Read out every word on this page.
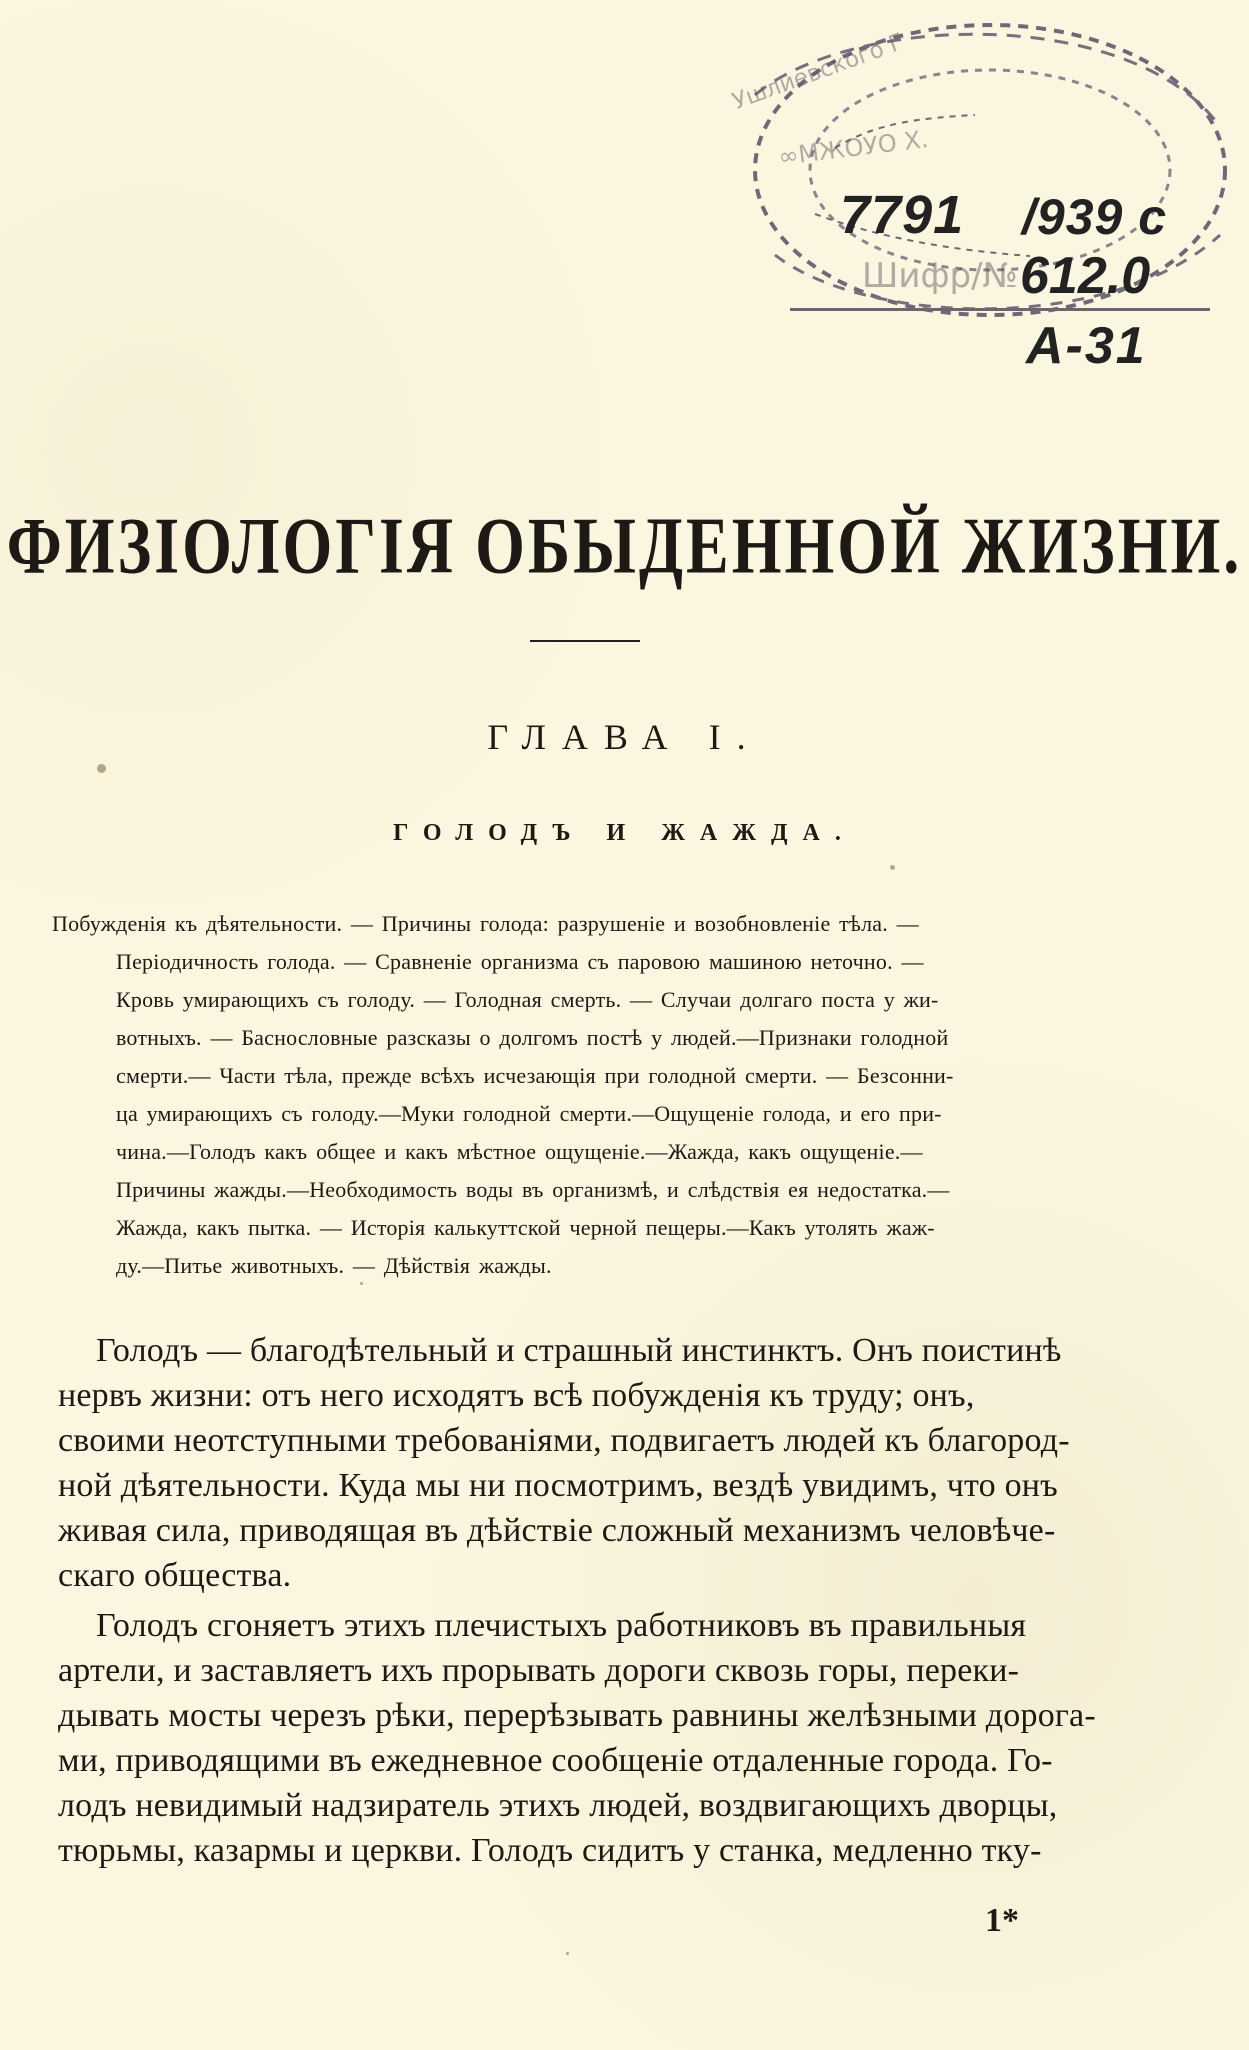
∞МЖОУО Х.
Ушлиевского Г
7791 /939 с
Шифр/№ 612.0
А-31
ФИЗІОЛОГІЯ ОБЫДЕННОЙ ЖИЗНИ.
ГЛАВА I.
ГОЛОДЪ И ЖАЖДА.
Побужденія къ дѣятельности. — Причины голода: разрушеніе и возобновленіе тѣла. —
Періодичность голода. — Сравненіе организма съ паровою машиною неточно. —
Кровь умирающихъ съ голоду. — Голодная смерть. — Случаи долгаго поста у жи-
вотныхъ. — Баснословные разсказы о долгомъ постѣ у людей.—Признаки голодной
смерти.— Части тѣла, прежде всѣхъ исчезающія при голодной смерти. — Безсонни-
ца умирающихъ съ голоду.—Муки голодной смерти.—Ощущеніе голода, и его при-
чина.—Голодъ какъ общее и какъ мѣстное ощущеніе.—Жажда, какъ ощущеніе.—
Причины жажды.—Необходимость воды въ организмѣ, и слѣдствія ея недостатка.—
Жажда, какъ пытка. — Исторія калькуттской черной пещеры.—Какъ утолять жаж-
ду.—Питье животныхъ. — Дѣйствія жажды.
Голодъ — благодѣтельный и страшный инстинктъ. Онъ поистинѣ
нервъ жизни: отъ него исходятъ всѣ побужденія къ труду; онъ,
своими неотступными требованіями, подвигаетъ людей къ благород-
ной дѣятельности. Куда мы ни посмотримъ, вездѣ увидимъ, что онъ
живая сила, приводящая въ дѣйствіе сложный механизмъ человѣче-
скаго общества.
Голодъ сгоняетъ этихъ плечистыхъ работниковъ въ правильныя
артели, и заставляетъ ихъ прорывать дороги сквозь горы, переки-
дывать мосты черезъ рѣки, перерѣзывать равнины желѣзными дорога-
ми, приводящими въ ежедневное сообщеніе отдаленные города. Го-
лодъ невидимый надзиратель этихъ людей, воздвигающихъ дворцы,
тюрьмы, казармы и церкви. Голодъ сидитъ у станка, медленно тку-
1*
